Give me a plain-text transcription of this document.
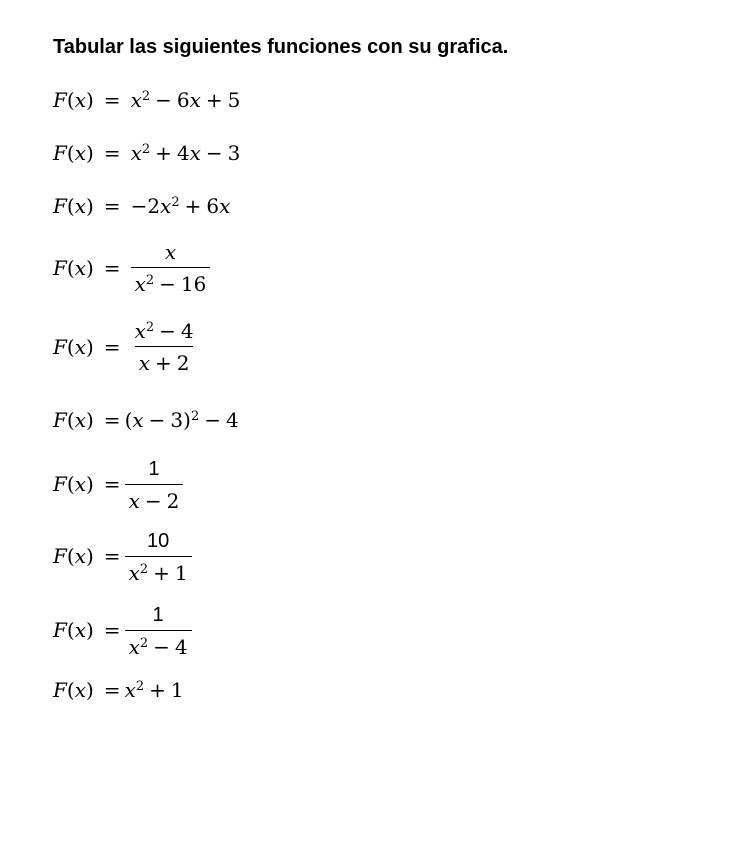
Tabular las siguientes funciones con su grafica.
$F(x) = x^2 - 6x + 5$
$F(x) = x^2 + 4x - 3$
$F(x) = -2x^2 + 6x$
$F(x) = \frac{x}{x^2 - 16}$
$F(x) = \frac{x^2 - 4}{x + 2}$
$F(x) = (x - 3)^2 - 4$
$F(x) = \frac{1}{x - 2}$
$F(x) = \frac{10}{x^2 + 1}$
$F(x) = \frac{1}{x^2 - 4}$
$F(x) = x^2 + 1$
